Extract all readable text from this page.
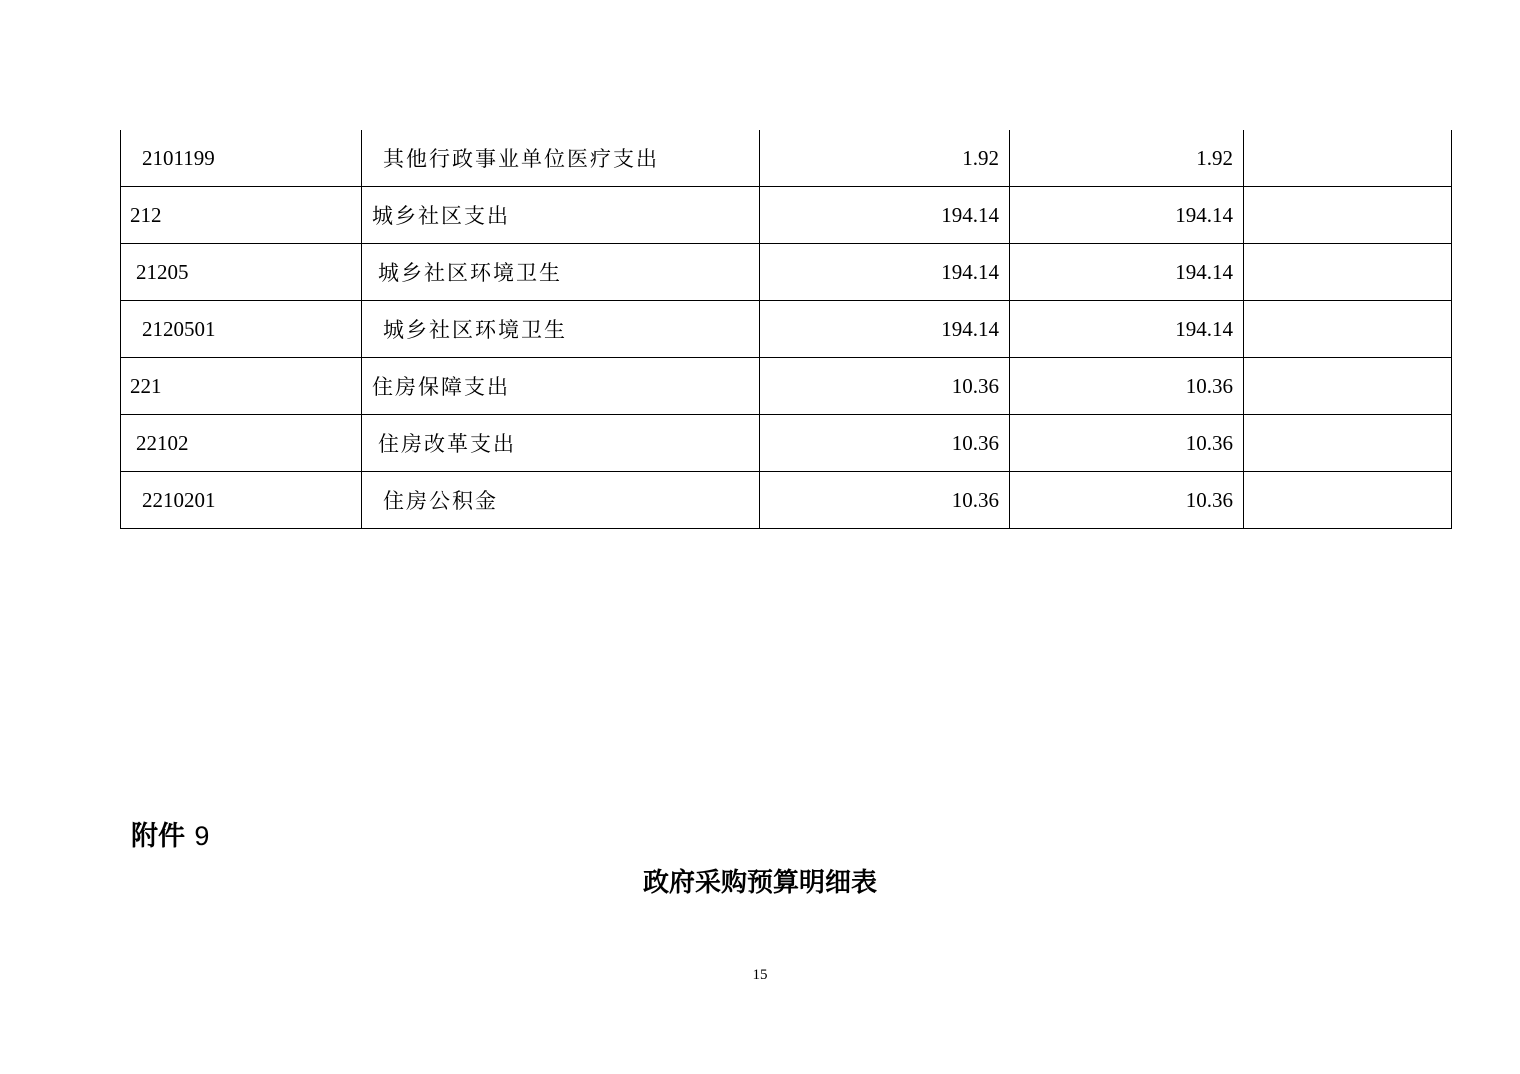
2101199	其他行政事业单位医疗支出	1.92	1.92	
212	城乡社区支出	194.14	194.14	
21205	城乡社区环境卫生	194.14	194.14	
2120501	城乡社区环境卫生	194.14	194.14	
221	住房保障支出	10.36	10.36	
22102	住房改革支出	10.36	10.36	
2210201	住房公积金	10.36	10.36	
附件 9
政府采购预算明细表
15
